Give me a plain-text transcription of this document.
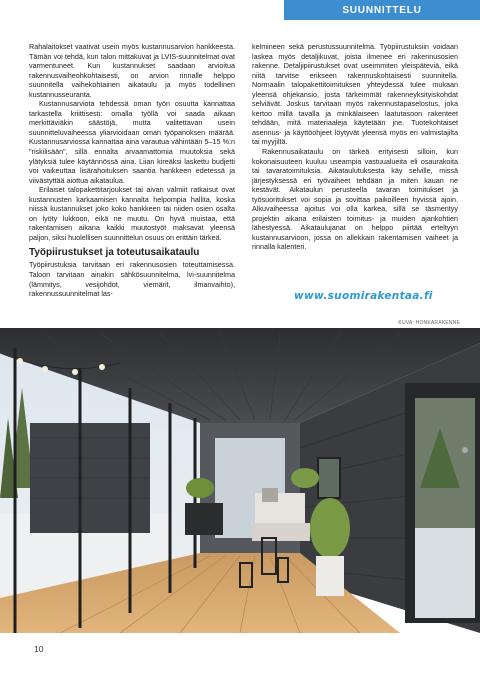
SUUNNITTELU

Rahalaitokset vaativat usein myös kustannusarvion hankkeesta. Tämän voi tehdä, kun talon mittakuvat ja LVIS-suunnitelmat ovat varmentuneet. Kun kustannukset saadaan arvioitua rakennusvaiheohkohtaisesti, on arvion rinnalle helppo suunnitella vaihekohtainen aikataulu ja myös todellinen kustannusseuranta.

Kustannusarviota tehdessä oman työn osuutta kannattaa tarkastella kriittisesti: omalla työllä voi saada aikaan merkittäviäkin säästöjä, mutta valitettavan usein suunnitteluvaiheessa yliarvioidaan oman työpanoksen määrää. Kustannusarviossa kannattaa aina varautua vähintään 5–15 %:n "riskilisään", sillä ennalta arvaamattomia muutoksia sekä ylätyksiä tulee käytännössä aina. Liian kireäksi laskettu budjetti voi vaikeuttaa lisärahoituksen saantia hankkeen edetessä ja viivästyttää aiottua aikataulua.

Erilaiset talopakettitarjoukset tai aivan valmiit ratkaisut ovat kustannusten karkaamisen kannalta helpompia hallita, koska niissä kustannukset joko koko hankkeen tai niiden osien osalta on lyöty lukkoon, eikä ne muutu. On hyvä muistaa, että rakentamisen aikana kaikki muutostyöt maksavat yleensä paljon, siksi huolellisen suunnittelun osuus on erittäin tärkeä.

Työpiirustukset ja toteutusaikataulu

Työpiirustuksia tarvitaan eri rakennusosien toteuttamisessa. Taloon tarvitaan ainakin sähkösuunnitelma, lvi-suunnitelma (lämmitys, vesijohdot, viemärit, ilmanvaihto), rakennussuunnitelmat las-

kelmineen sekä perustussuunnitelma. Työpiirustuksiin voidaan laskea myös detaljikuvat, joista ilmenee eri rakennusosien rakenne. Detaljipiirustukset ovat useimmiten yleispäteviä, eikä niitä tarvitse erikseen rakennuskohtaisesti suunnitella. Normaalin talopakettitoimituksen yhteydessä tulee mukaan yleensä ohjekansio, josta tärkeimmät rakenneyksityiskohdat selviävät. Joskus tarvitaan myös rakennustapaselostus, joka kertoo millä tavalla ja minkälaiseen laatutasoon rakenteet tehdään, mitä materiaaleja käytetään jne. Tuotekohtaiset asennus- ja käyttöohjeet löytyvät yleensä myös eri valmistajilta tai myyjiltä.

Rakennusaikataulu on tärkeä erityisesti silloin, kun kokonaisuuteen kuuluu useampia vastuualueita eli osaurakoita tai tavaratoimituksia. Aikataulutuksesta käy selville, missä järjestyksessä eri työvaiheet tehdään ja miten kauan ne kestävät. Aikataulun perusteella tavaran toimitukset ja työsuoritukset voi sopia ja sovittaa paikoilleen hyvissä ajoin. Alkuvaiheessa ajoitus voi olla karkea, sillä se täsmentyy projektin aikana erilaisten toimitus- ja muiden ajankohtien lähestyessä. Aikataulujanat on helppo piirtää erteltyyn kustannusarvioon, jossa on allekkain rakentamisen vaiheet ja rinnalla kalenteri.

www.suomirakentaa.fi
KUVA: HONKARAKENNE
10
